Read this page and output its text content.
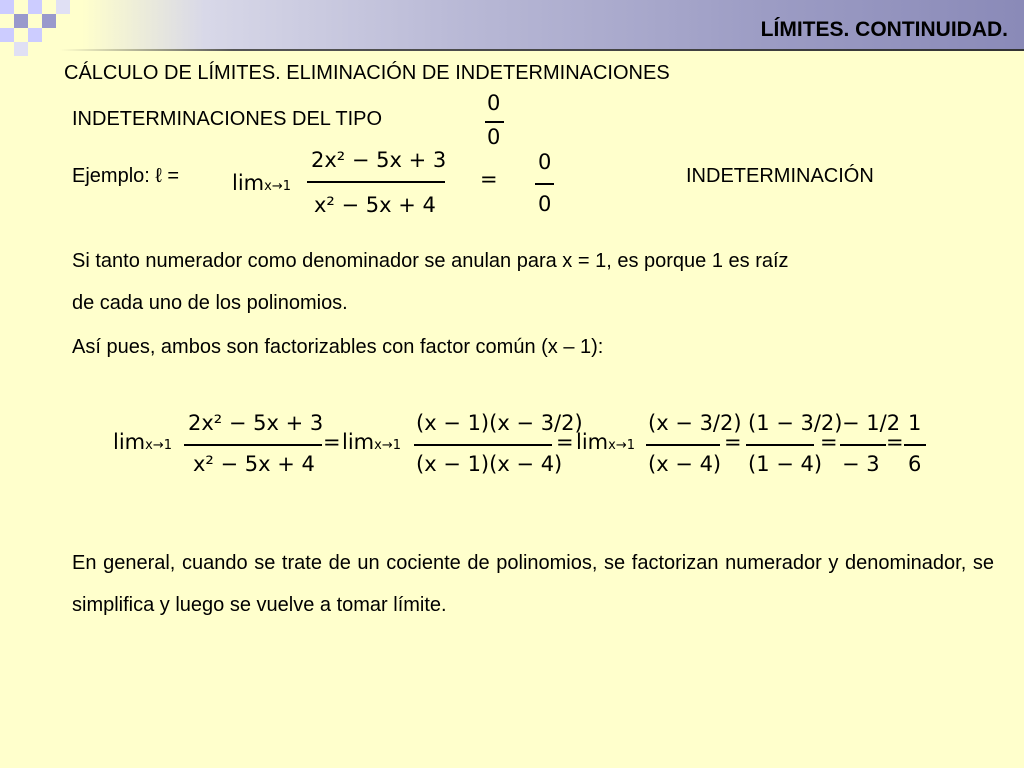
LÍMITES. CONTINUIDAD.
CÁLCULO DE LÍMITES. ELIMINACIÓN DE INDETERMINACIONES
INDETERMINACIONES DEL TIPO
0
0
Ejemplo: ℓ =	limx→1
2x² − 5x + 3
x² − 5x + 4
=
0
0
INDETERMINACIÓN
Si tanto numerador como denominador se anulan para x = 1, es porque 1 es raíz
de cada uno de los polinomios.
Así pues, ambos son factorizables con factor común (x – 1):
limx→1
2x² − 5x + 3
x² − 5x + 4
= limx→1
(x − 1)(x − 3/2)
(x − 1)(x − 4)
= limx→1
(x − 3/2)
(x − 4)
=
(1 − 3/2)
(1 − 4)
=
− 1/2
− 3
=
1
6
En general, cuando se trate de un cociente de polinomios, se factorizan numerador y denominador, se simplifica y luego se vuelve a tomar límite.
